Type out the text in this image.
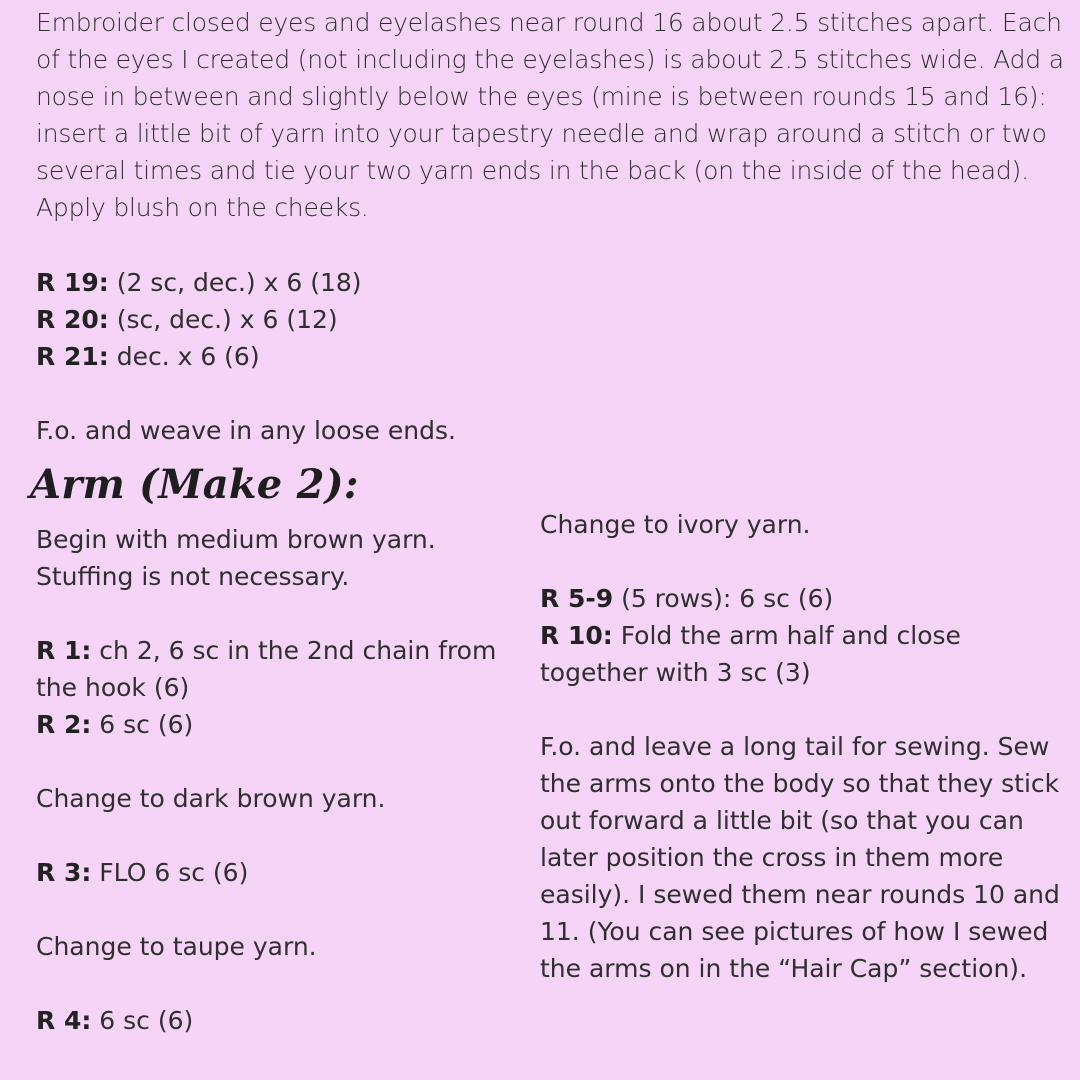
Embroider closed eyes and eyelashes near round 16 about 2.5 stitches apart. Each

of the eyes I created (not including the eyelashes) is about 2.5 stitches wide. Add a

nose in between and slightly below the eyes (mine is between rounds 15 and 16):

insert a little bit of yarn into your tapestry needle and wrap around a stitch or two

several times and tie your two yarn ends in the back (on the inside of the head).

Apply blush on the cheeks.

R 19: (2 sc, dec.) x 6 (18)
R 20: (sc, dec.) x 6 (12)
R 21: dec. x 6 (6)
F.o. and weave in any loose ends.
Arm (Make 2):
Begin with medium brown yarn.
Stuffing is not necessary.
R 1: ch 2, 6 sc in the 2nd chain from
the hook (6)
R 2: 6 sc (6)
Change to dark brown yarn.
R 3: FLO 6 sc (6)
Change to taupe yarn.
R 4: 6 sc (6)
Change to ivory yarn.
R 5-9 (5 rows): 6 sc (6)
R 10: Fold the arm half and close
together with 3 sc (3)
F.o. and leave a long tail for sewing. Sew
the arms onto the body so that they stick
out forward a little bit (so that you can
later position the cross in them more
easily). I sewed them near rounds 10 and
11. (You can see pictures of how I sewed
the arms on in the “Hair Cap” section).
